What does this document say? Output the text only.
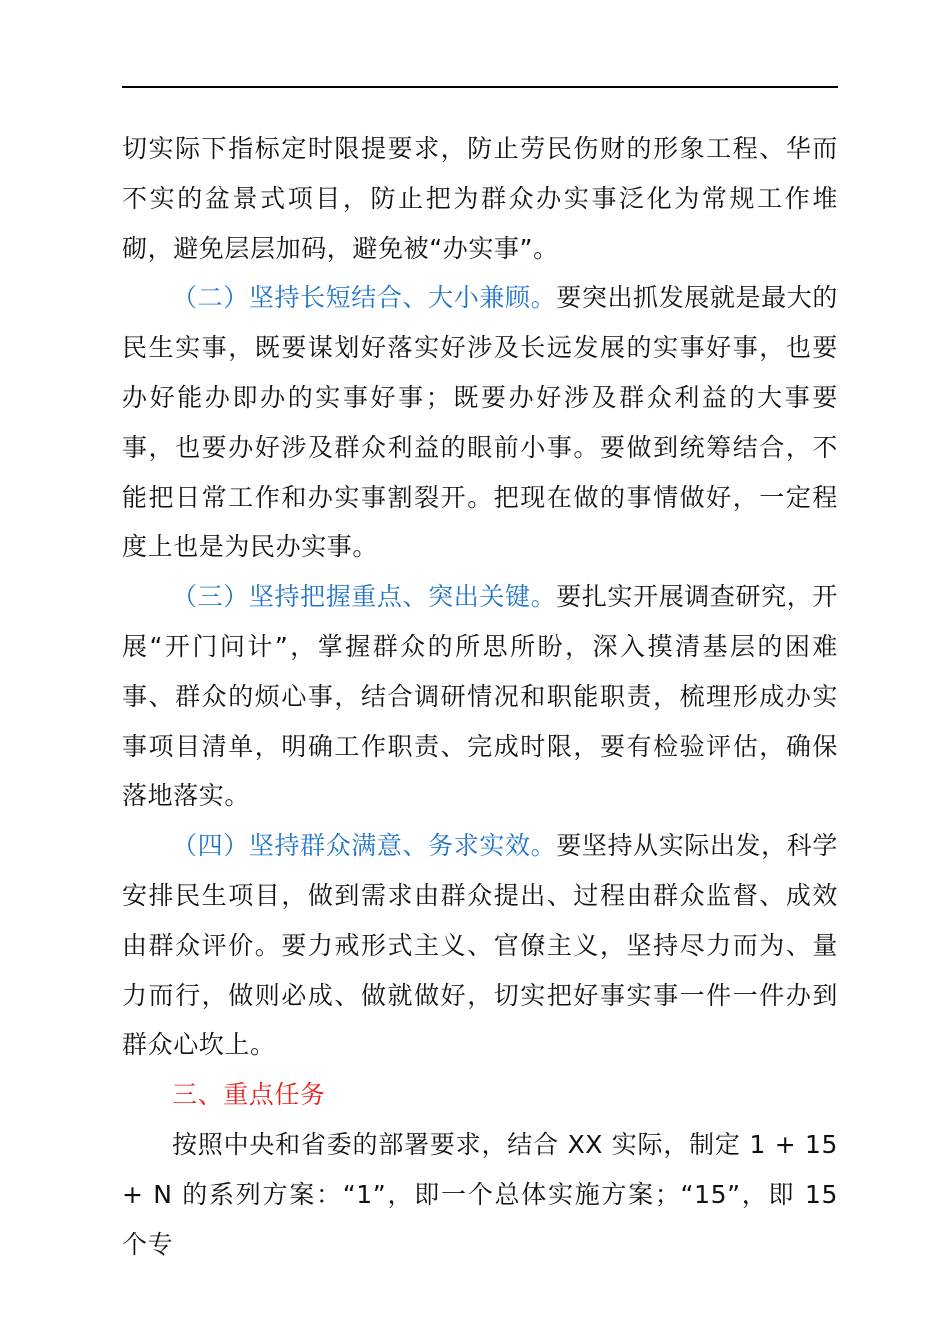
切实际下指标定时限提要求，防止劳民伤财的形象工程、华而不实的盆景式项目，防止把为群众办实事泛化为常规工作堆砌，避免层层加码，避免被“办实事”。

（二）坚持长短结合、大小兼顾。要突出抓发展就是最大的民生实事，既要谋划好落实好涉及长远发展的实事好事，也要办好能办即办的实事好事；既要办好涉及群众利益的大事要事，也要办好涉及群众利益的眼前小事。要做到统筹结合，不能把日常工作和办实事割裂开。把现在做的事情做好，一定程度上也是为民办实事。

（三）坚持把握重点、突出关键。要扎实开展调查研究，开展“开门问计”，掌握群众的所思所盼，深入摸清基层的困难事、群众的烦心事，结合调研情况和职能职责，梳理形成办实事项目清单，明确工作职责、完成时限，要有检验评估，确保落地落实。

（四）坚持群众满意、务求实效。要坚持从实际出发，科学安排民生项目，做到需求由群众提出、过程由群众监督、成效由群众评价。要力戒形式主义、官僚主义，坚持尽力而为、量力而行，做则必成、做就做好，切实把好事实事一件一件办到群众心坎上。

三、重点任务

按照中央和省委的部署要求，结合 XX 实际，制定 1 + 15 + N 的系列方案：“1”，即一个总体实施方案；“15”，即 15 个专
